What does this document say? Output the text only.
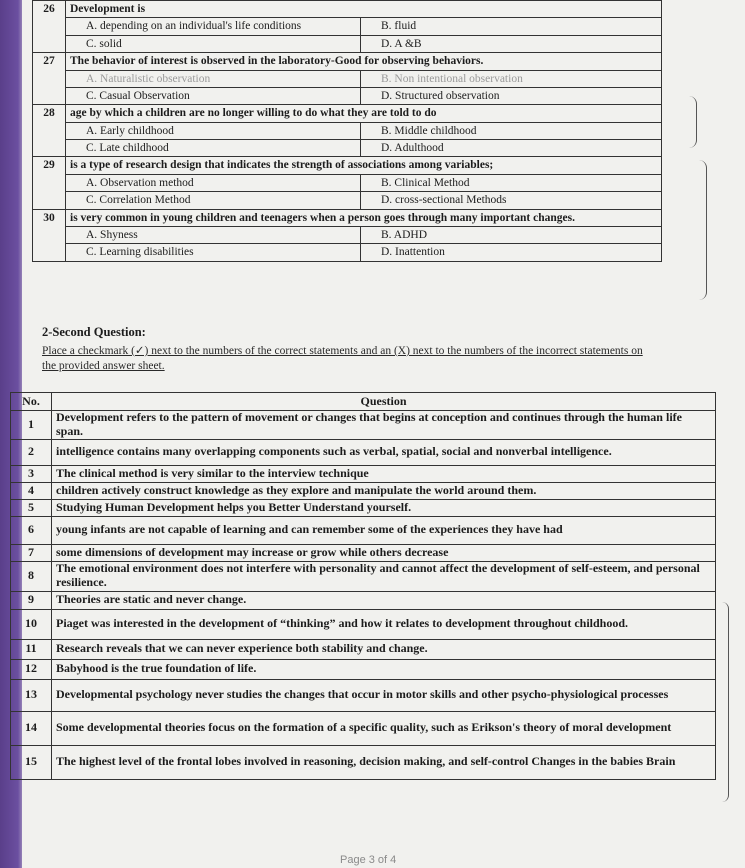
26	Development is	
	A. depending on an individual's life conditions	B. fluid
	C. solid	D. A &B
27	The behavior of interest is observed in the laboratory-Good for observing behaviors.	
	A. Naturalistic observation	B. Non intentional observation
	C. Casual Observation	D. Structured observation
28	age by which a children are no longer willing to do what they are told to do	
	A. Early childhood	B. Middle childhood
	C. Late childhood	D. Adulthood
29	is a type of research design that indicates the strength of associations among variables;	
	A. Observation method	B. Clinical Method
	C. Correlation Method	D. cross-sectional Methods
30	is very common in young children and teenagers when a person goes through many important changes.	
	A. Shyness	B. ADHD
	C. Learning disabilities	D. Inattention
2-Second Question:
Place a checkmark (✓) next to the numbers of the correct statements and an (X) next to the numbers of the incorrect statements on the provided answer sheet.
No.	Question
1	Development refers to the pattern of movement or changes that begins at conception and continues through the human life span.
2	intelligence contains many overlapping components such as verbal, spatial, social and nonverbal intelligence.
3	The clinical method is very similar to the interview technique
4	children actively construct knowledge as they explore and manipulate the world around them.
5	Studying Human Development helps you Better Understand yourself.
6	young infants are not capable of learning and can remember some of the experiences they have had
7	some dimensions of development may increase or grow while others decrease
8	The emotional environment does not interfere with personality and cannot affect the development of self-esteem, and personal resilience.
9	Theories are static and never change.
10	Piaget was interested in the development of “thinking” and how it relates to development throughout childhood.
11	Research reveals that we can never experience both stability and change.
12	Babyhood is the true foundation of life.
13	Developmental psychology never studies the changes that occur in motor skills and other psycho-physiological processes
14	Some developmental theories focus on the formation of a specific quality, such as Erikson's theory of moral development
15	The highest level of the frontal lobes involved in reasoning, decision making, and self-control Changes in the babies Brain
Page 3 of 4
